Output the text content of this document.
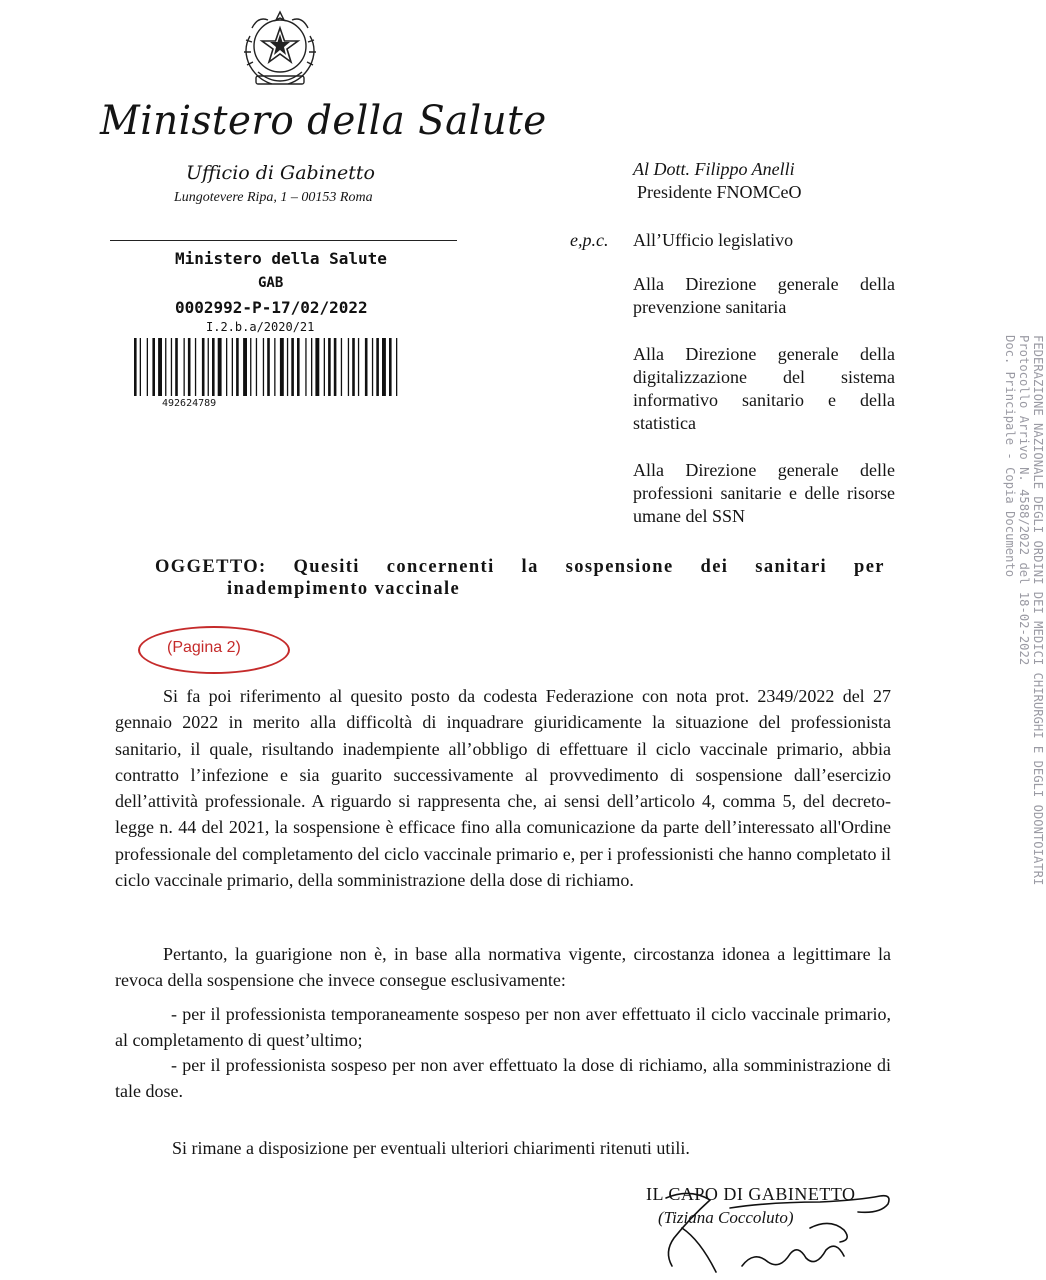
Ministero della Salute
Ufficio di Gabinetto
Lungotevere Ripa, 1 – 00153 Roma
Ministero della Salute
GAB
0002992-P-17/02/2022
I.2.b.a/2020/21
492624789
Al Dott. Filippo Anelli
Presidente FNOMCeO
e,p.c. All’Ufficio legislativo
Alla Direzione generale della prevenzione sanitaria
Alla Direzione generale della digitalizzazione del sistema informativo sanitario e della statistica
Alla Direzione generale delle professioni sanitarie e delle risorse umane del SSN
OGGETTO: Quesiti concernenti la sospensione dei sanitari per
inadempimento vaccinale
(Pagina 2)
Si fa poi riferimento al quesito posto da codesta Federazione con nota prot. 2349/2022 del 27 gennaio 2022 in merito alla difficoltà di inquadrare giuridicamente la situazione del professionista sanitario, il quale, risultando inadempiente all’obbligo di effettuare il ciclo vaccinale primario, abbia contratto l’infezione e sia guarito successivamente al provvedimento di sospensione dall’esercizio dell’attività professionale. A riguardo si rappresenta che, ai sensi dell’articolo 4, comma 5, del decreto-legge n. 44 del 2021, la sospensione è efficace fino alla comunicazione da parte dell’interessato all'Ordine professionale del completamento del ciclo vaccinale primario e, per i professionisti che hanno completato il ciclo vaccinale primario, della somministrazione della dose di richiamo.
Pertanto, la guarigione non è, in base alla normativa vigente, circostanza idonea a legittimare la revoca della sospensione che invece consegue esclusivamente:
- per il professionista temporaneamente sospeso per non aver effettuato il ciclo vaccinale primario, al completamento di quest’ultimo;
- per il professionista sospeso per non aver effettuato la dose di richiamo, alla somministrazione di tale dose.
Si rimane a disposizione per eventuali ulteriori chiarimenti ritenuti utili.
IL CAPO DI GABINETTO
(Tiziana Coccoluto)
FEDERAZIONE NAZIONALE DEGLI ORDINI DEI MEDICI CHIRURGHI E DEGLI ODONTOIATRI
Protocollo Arrivo N. 4588/2022 del 18-02-2022
Doc. Principale - Copia Documento
